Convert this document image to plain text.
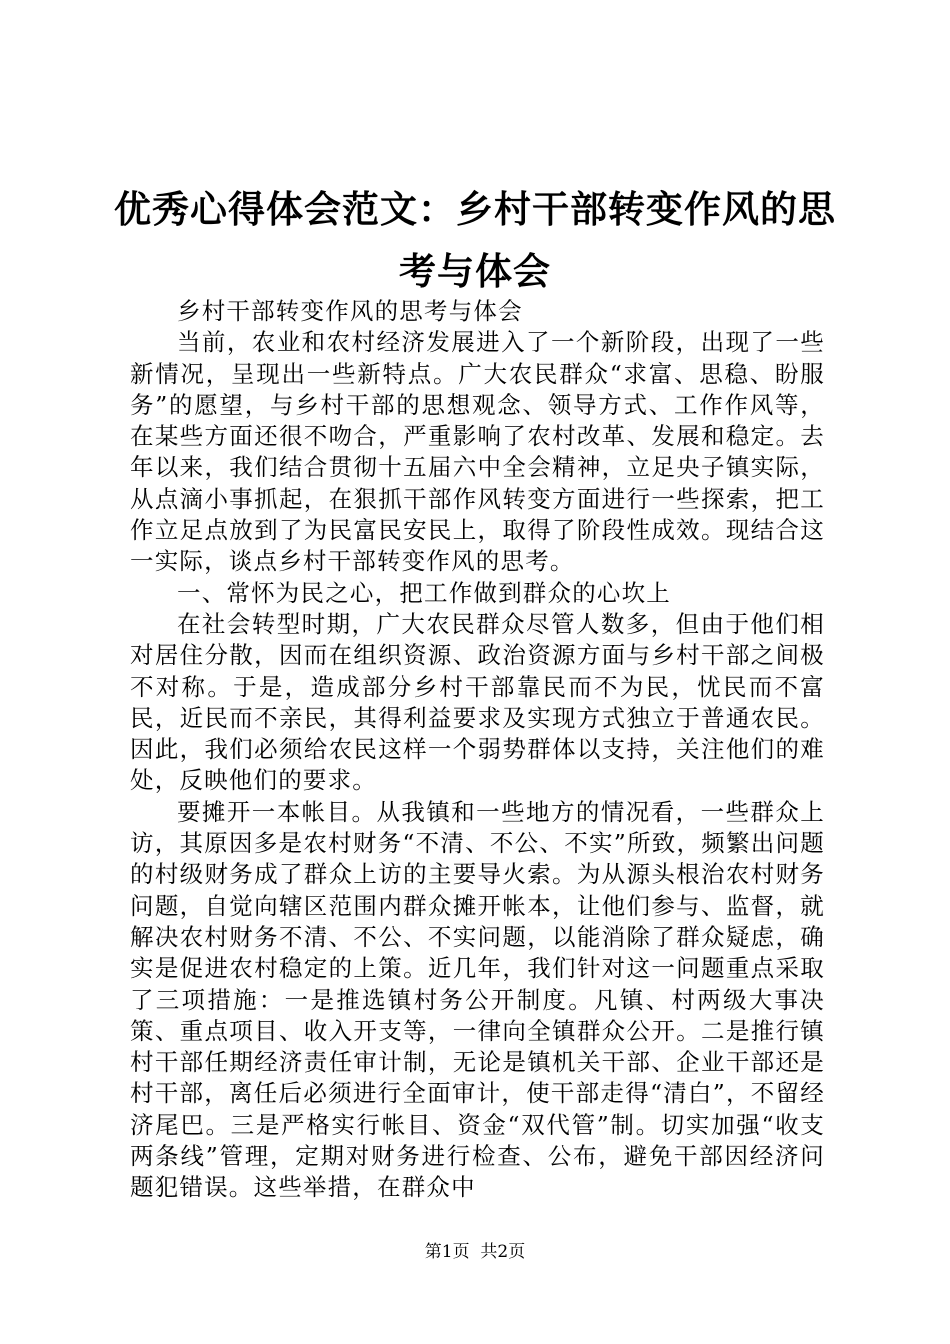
优秀心得体会范文：乡村干部转变作风的思考与体会

乡村干部转变作风的思考与体会

当前，农业和农村经济发展进入了一个新阶段，出现了一些新情况，呈现出一些新特点。广大农民群众“求富、思稳、盼服务”的愿望，与乡村干部的思想观念、领导方式、工作作风等，在某些方面还很不吻合，严重影响了农村改革、发展和稳定。去年以来，我们结合贯彻十五届六中全会精神，立足央子镇实际，从点滴小事抓起，在狠抓干部作风转变方面进行一些探索，把工作立足点放到了为民富民安民上，取得了阶段性成效。现结合这一实际，谈点乡村干部转变作风的思考。

一、常怀为民之心，把工作做到群众的心坎上

在社会转型时期，广大农民群众尽管人数多，但由于他们相对居住分散，因而在组织资源、政治资源方面与乡村干部之间极不对称。于是，造成部分乡村干部靠民而不为民，忧民而不富民，近民而不亲民，其得利益要求及实现方式独立于普通农民。因此，我们必须给农民这样一个弱势群体以支持，关注他们的难处，反映他们的要求。

要摊开一本帐目。从我镇和一些地方的情况看，一些群众上访，其原因多是农村财务“不清、不公、不实”所致，频繁出问题的村级财务成了群众上访的主要导火索。为从源头根治农村财务问题，自觉向辖区范围内群众摊开帐本，让他们参与、监督，就解决农村财务不清、不公、不实问题，以能消除了群众疑虑，确实是促进农村稳定的上策。近几年，我们针对这一问题重点采取了三项措施：一是推选镇村务公开制度。凡镇、村两级大事决策、重点项目、收入开支等，一律向全镇群众公开。二是推行镇村干部任期经济责任审计制，无论是镇机关干部、企业干部还是村干部，离任后必须进行全面审计，使干部走得“清白”，不留经济尾巴。三是严格实行帐目、资金“双代管”制。切实加强“收支两条线”管理，定期对财务进行检查、公布，避免干部因经济问题犯错误。这些举措，在群众中

第1页  共2页
